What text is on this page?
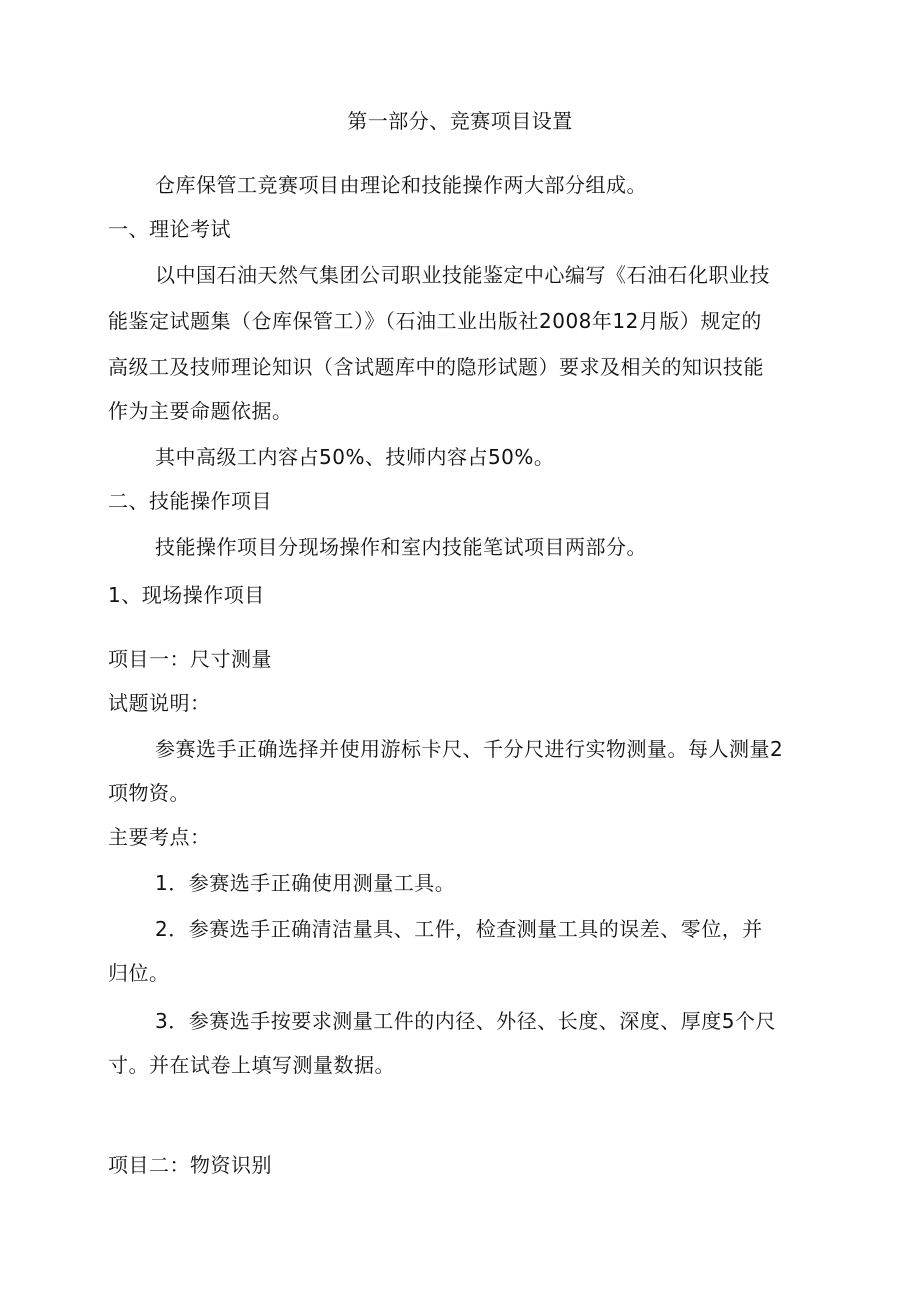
第一部分、竞赛项目设置
仓库保管工竞赛项目由理论和技能操作两大部分组成。
一、理论考试
以中国石油天然气集团公司职业技能鉴定中心编写《石油石化职业技
能鉴定试题集（仓库保管工）》（石油工业出版社2008年12月版）规定的
高级工及技师理论知识（含试题库中的隐形试题）要求及相关的知识技能
作为主要命题依据。
其中高级工内容占50%、技师内容占50%。
二、技能操作项目
技能操作项目分现场操作和室内技能笔试项目两部分。
1、现场操作项目
项目一：尺寸测量
试题说明：
参赛选手正确选择并使用游标卡尺、千分尺进行实物测量。每人测量2
项物资。
主要考点：
1．参赛选手正确使用测量工具。
2．参赛选手正确清洁量具、工件，检查测量工具的误差、零位，并
归位。
3．参赛选手按要求测量工件的内径、外径、长度、深度、厚度5个尺
寸。并在试卷上填写测量数据。
项目二：物资识别
